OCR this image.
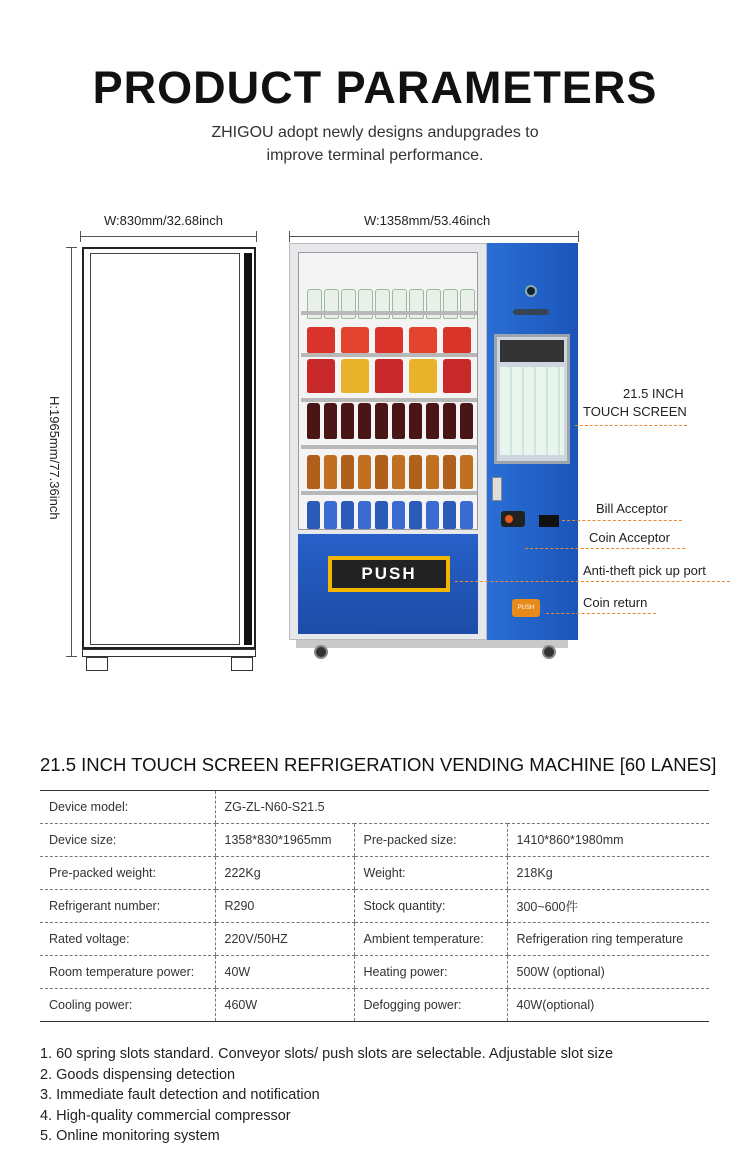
PRODUCT PARAMETERS
ZHIGOU adopt newly designs andupgrades to
improve terminal performance.
W:830mm/32.68inch
H:1965mm/77.36inch
W:1358mm/53.46inch
PUSH
PUSH
21.5 INCH
TOUCH SCREEN
Bill Acceptor
Coin Acceptor
Anti-theft pick up port
Coin return
21.5 INCH TOUCH SCREEN REFRIGERATION VENDING MACHINE [60 LANES]
Device model:	ZG-ZL-N60-S21.5		
Device size:	1358*830*1965mm	Pre-packed size:	1410*860*1980mm
Pre-packed weight:	222Kg	Weight:	218Kg
Refrigerant number:	R290	Stock quantity:	300~600件
Rated voltage:	220V/50HZ	Ambient temperature:	Refrigeration ring temperature
Room temperature power:	40W	Heating power:	500W (optional)
Cooling power:	460W	Defogging power:	40W(optional)
1. 60 spring slots standard. Conveyor slots/ push slots are selectable. Adjustable slot size
2. Goods dispensing detection
3. Immediate fault detection and notification
4. High-quality commercial compressor
5. Online monitoring system
